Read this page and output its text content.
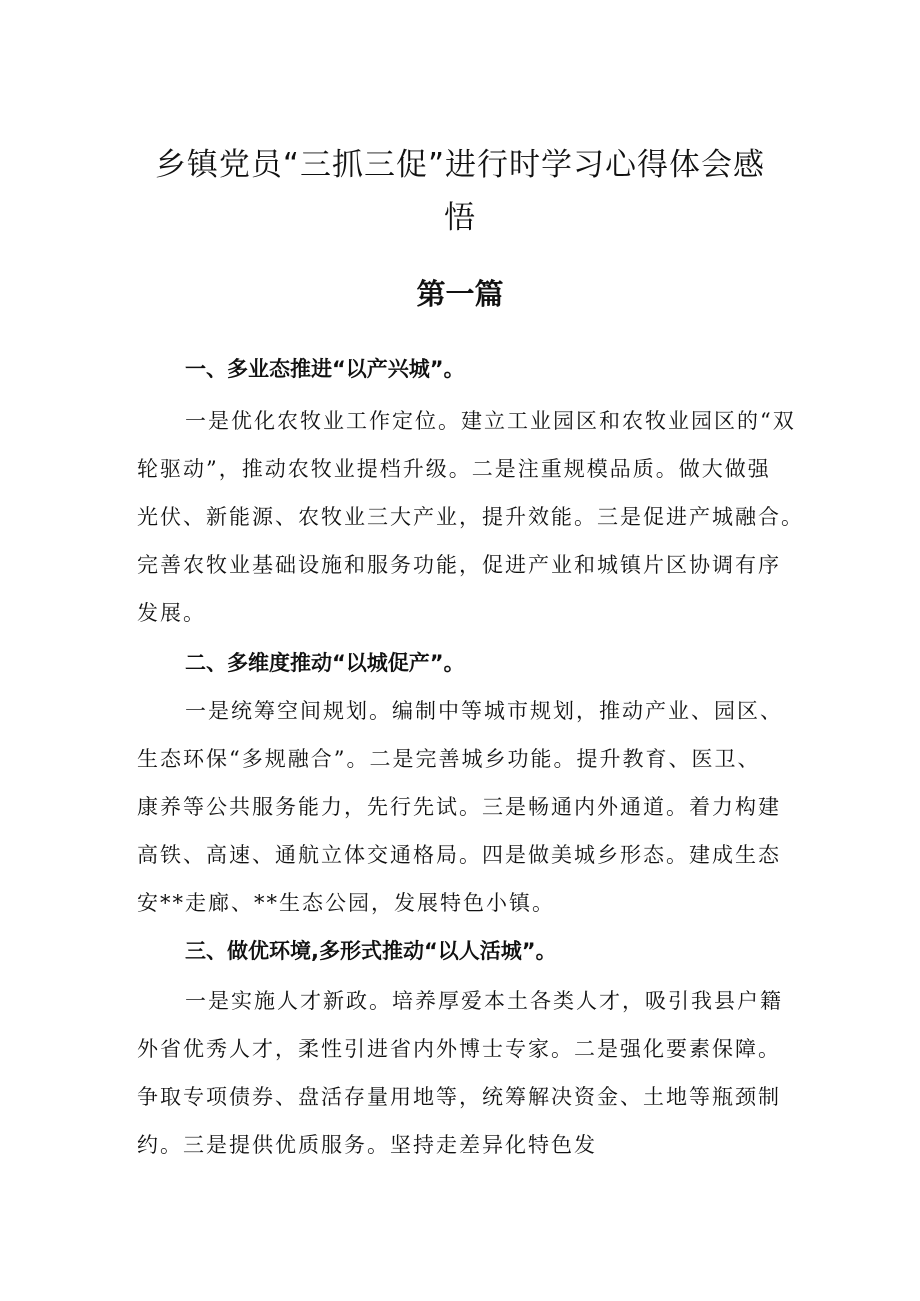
乡镇党员“三抓三促”进行时学习心得体会感
悟
第一篇

一、多业态推进“以产兴城”。

一是优化农牧业工作定位。建立工业园区和农牧业园区的“双

轮驱动”，推动农牧业提档升级。二是注重规模品质。做大做强

光伏、新能源、农牧业三大产业，提升效能。三是促进产城融合。

完善农牧业基础设施和服务功能，促进产业和城镇片区协调有序

发展。

二、多维度推动“以城促产”。

一是统筹空间规划。编制中等城市规划，推动产业、园区、

生态环保“多规融合”。二是完善城乡功能。提升教育、医卫、

康养等公共服务能力，先行先试。三是畅通内外通道。着力构建

高铁、高速、通航立体交通格局。四是做美城乡形态。建成生态

安**走廊、**生态公园，发展特色小镇。

三、做优环境,多形式推动“以人活城”。

一是实施人才新政。培养厚爱本土各类人才，吸引我县户籍

外省优秀人才，柔性引进省内外博士专家。二是强化要素保障。

争取专项债券、盘活存量用地等，统筹解决资金、土地等瓶颈制

约。三是提供优质服务。坚持走差异化特色发
